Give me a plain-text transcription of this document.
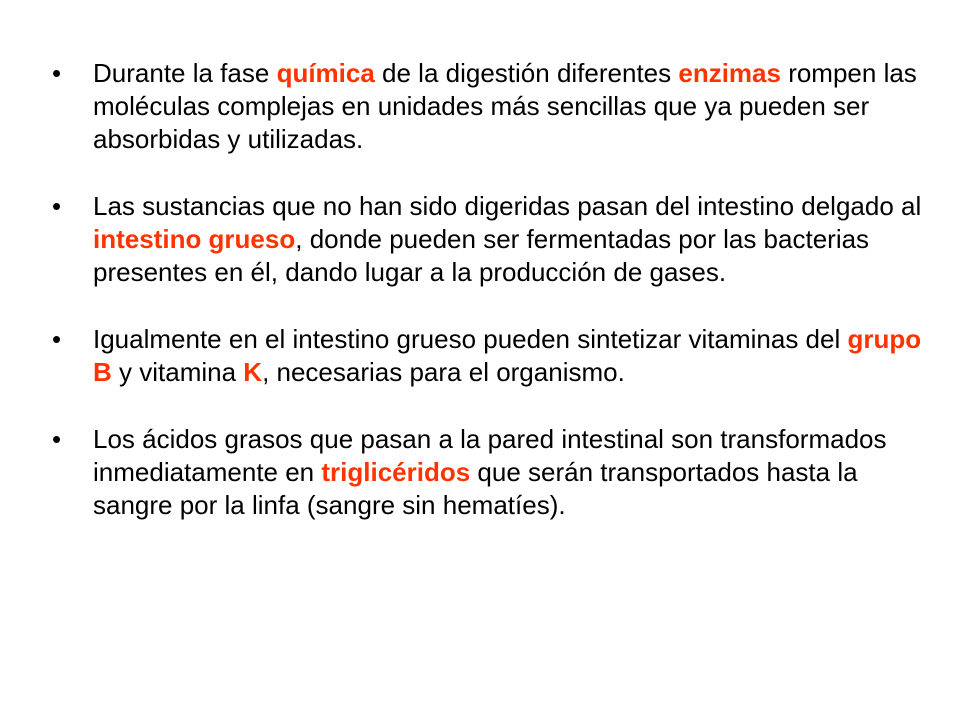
•	Durante la fase química de la digestión diferentes enzimas rompen las moléculas complejas en unidades más sencillas que ya pueden ser absorbidas y utilizadas.
•	Las sustancias que no han sido digeridas pasan del intestino delgado al intestino grueso, donde pueden ser fermentadas por las bacterias presentes en él, dando lugar a la producción de gases.
•	Igualmente en el intestino grueso pueden sintetizar vitaminas del grupo B y vitamina K, necesarias para el organismo.
•	Los ácidos grasos que pasan a la pared intestinal son transformados inmediatamente en triglicéridos que serán transportados hasta la sangre por la linfa (sangre sin hematíes).
